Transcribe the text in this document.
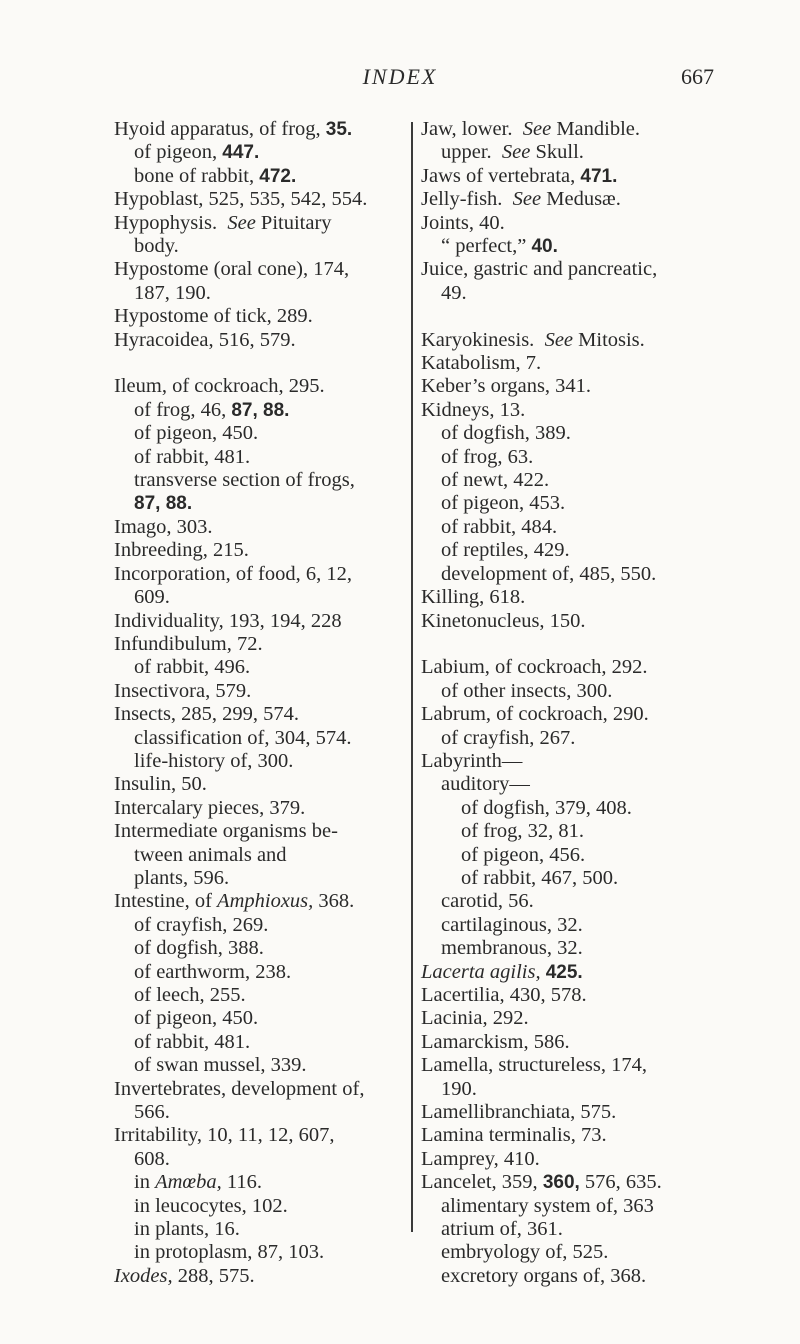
INDEX	667
Hyoid apparatus, of frog, 35.
of pigeon, 447.
bone of rabbit, 472.
Hypoblast, 525, 535, 542, 554.
Hypophysis.  See Pituitary
body.
Hypostome (oral cone), 174,
187, 190.
Hypostome of tick, 289.
Hyracoidea, 516, 579.
Ileum, of cockroach, 295.
of frog, 46, 87, 88.
of pigeon, 450.
of rabbit, 481.
transverse section of frogs,
87, 88.
Imago, 303.
Inbreeding, 215.
Incorporation, of food, 6, 12,
609.
Individuality, 193, 194, 228
Infundibulum, 72.
of rabbit, 496.
Insectivora, 579.
Insects, 285, 299, 574.
classification of, 304, 574.
life-history of, 300.
Insulin, 50.
Intercalary pieces, 379.
Intermediate organisms be-
tween animals and
plants, 596.
Intestine, of Amphioxus, 368.
of crayfish, 269.
of dogfish, 388.
of earthworm, 238.
of leech, 255.
of pigeon, 450.
of rabbit, 481.
of swan mussel, 339.
Invertebrates, development of,
566.
Irritability, 10, 11, 12, 607,
608.
in Amœba, 116.
in leucocytes, 102.
in plants, 16.
in protoplasm, 87, 103.
Ixodes, 288, 575.
Jaw, lower.  See Mandible.
upper.  See Skull.
Jaws of vertebrata, 471.
Jelly-fish.  See Medusæ.
Joints, 40.
“ perfect,” 40.
Juice, gastric and pancreatic,
49.
Karyokinesis.  See Mitosis.
Katabolism, 7.
Keber’s organs, 341.
Kidneys, 13.
of dogfish, 389.
of frog, 63.
of newt, 422.
of pigeon, 453.
of rabbit, 484.
of reptiles, 429.
development of, 485, 550.
Killing, 618.
Kinetonucleus, 150.
Labium, of cockroach, 292.
of other insects, 300.
Labrum, of cockroach, 290.
of crayfish, 267.
Labyrinth—
auditory—
of dogfish, 379, 408.
of frog, 32, 81.
of pigeon, 456.
of rabbit, 467, 500.
carotid, 56.
cartilaginous, 32.
membranous, 32.
Lacerta agilis, 425.
Lacertilia, 430, 578.
Lacinia, 292.
Lamarckism, 586.
Lamella, structureless, 174,
190.
Lamellibranchiata, 575.
Lamina terminalis, 73.
Lamprey, 410.
Lancelet, 359, 360, 576, 635.
alimentary system of, 363
atrium of, 361.
embryology of, 525.
excretory organs of, 368.
